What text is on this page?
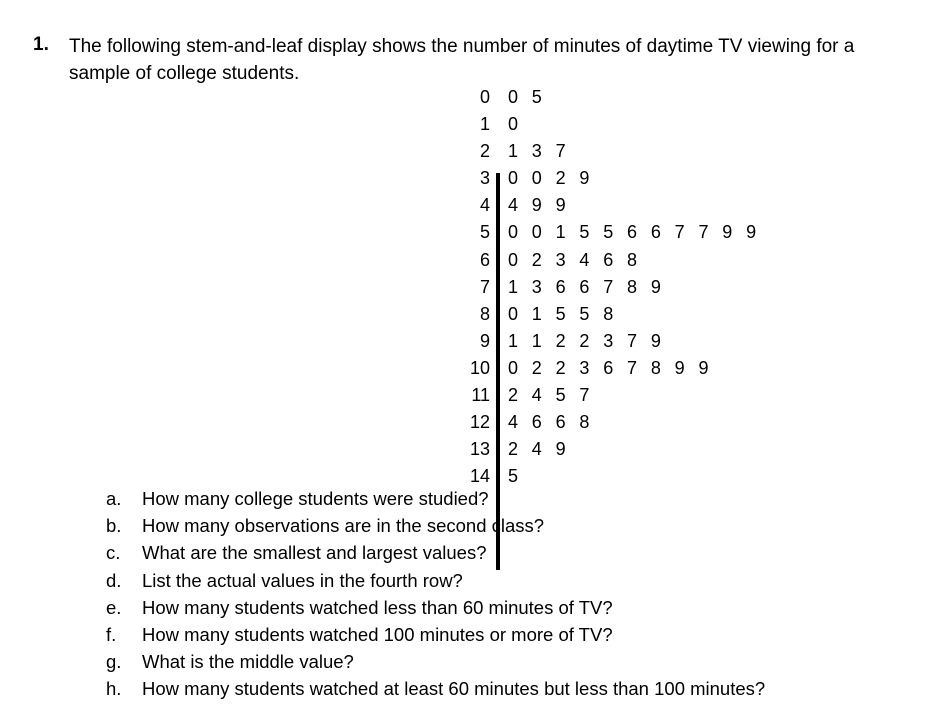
1. The following stem-and-leaf display shows the number of minutes of daytime TV viewing for a sample of college students.
0 0 5
1 0
2 1 3 7
3 0 0 2 9
4 4 9 9
5 0 0 1 5 5 6 6 7 7 9 9
6 0 2 3 4 6 8
7 1 3 6 6 7 8 9
8 0 1 5 5 8
9 1 1 2 2 3 7 9
10 0 2 2 3 6 7 8 9 9
11 2 4 5 7
12 4 6 6 8
13 2 4 9
14 5
a. How many college students were studied?
b. How many observations are in the second class?
c. What are the smallest and largest values?
d. List the actual values in the fourth row?
e. How many students watched less than 60 minutes of TV?
f. How many students watched 100 minutes or more of TV?
g. What is the middle value?
h. How many students watched at least 60 minutes but less than 100 minutes?
